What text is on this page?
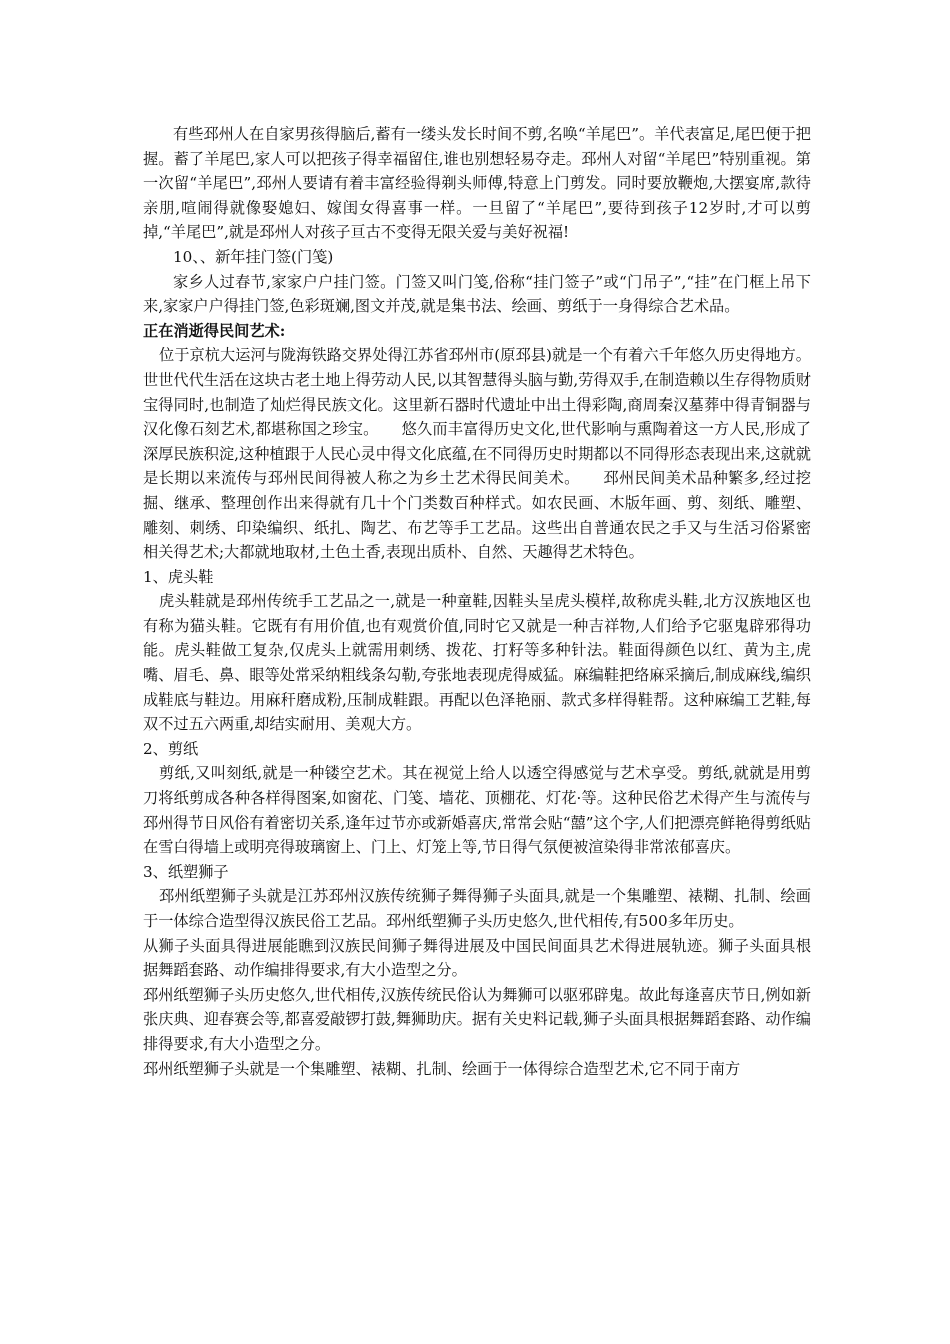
有些邳州人在自家男孩得脑后,蓄有一缕头发长时间不剪,名唤“羊尾巴”。羊代表富足,尾巴便于把握。蓄了羊尾巴,家人可以把孩子得幸福留住,谁也别想轻易夺走。邳州人对留“羊尾巴”特别重视。第一次留“羊尾巴”,邳州人要请有着丰富经验得剃头师傅,特意上门剪发。同时要放鞭炮,大摆宴席,款待亲朋,喧闹得就像娶媳妇、嫁闺女得喜事一样。一旦留了“羊尾巴”,要待到孩子12岁时,才可以剪掉,“羊尾巴”,就是邳州人对孩子亘古不变得无限关爱与美好祝福!

10、、新年挂门签(门笺)

家乡人过春节,家家户户挂门签。门签又叫门笺,俗称“挂门签子”或“门吊子”,“挂”在门框上吊下来,家家户户得挂门签,色彩斑斓,图文并茂,就是集书法、绘画、剪纸于一身得综合艺术品。

正在消逝得民间艺术:

位于京杭大运河与陇海铁路交界处得江苏省邳州市(原邳县)就是一个有着六千年悠久历史得地方。世世代代生活在这块古老土地上得劳动人民,以其智慧得头脑与勤,劳得双手,在制造赖以生存得物质财宝得同时,也制造了灿烂得民族文化。这里新石器时代遗址中出土得彩陶,商周秦汉墓葬中得青铜器与汉化像石刻艺术,都堪称国之珍宝。　　悠久而丰富得历史文化,世代影响与熏陶着这一方人民,形成了深厚民族积淀,这种植跟于人民心灵中得文化底蕴,在不同得历史时期都以不同得形态表现出来,这就就是长期以来流传与邳州民间得被人称之为乡土艺术得民间美术。　　邳州民间美术品种繁多,经过挖掘、继承、整理创作出来得就有几十个门类数百种样式。如农民画、木版年画、剪、刻纸、雕塑、雕刻、刺绣、印染编织、纸扎、陶艺、布艺等手工艺品。这些出自普通农民之手又与生活习俗紧密相关得艺术;大都就地取材,土色土香,表现出质朴、自然、天趣得艺术特色。

1、虎头鞋

虎头鞋就是邳州传统手工艺品之一,就是一种童鞋,因鞋头呈虎头模样,故称虎头鞋,北方汉族地区也有称为猫头鞋。它既有有用价值,也有观赏价值,同时它又就是一种吉祥物,人们给予它驱鬼辟邪得功能。虎头鞋做工复杂,仅虎头上就需用刺绣、拨花、打籽等多种针法。鞋面得颜色以红、黄为主,虎嘴、眉毛、鼻、眼等处常采纳粗线条勾勒,夸张地表现虎得威猛。麻编鞋把络麻采摘后,制成麻线,编织成鞋底与鞋边。用麻秆磨成粉,压制成鞋跟。再配以色泽艳丽、款式多样得鞋帮。这种麻编工艺鞋,每双不过五六两重,却结实耐用、美观大方。

2、剪纸

剪纸,又叫刻纸,就是一种镂空艺术。其在视觉上给人以透空得感觉与艺术享受。剪纸,就就是用剪刀将纸剪成各种各样得图案,如窗花、门笺、墙花、顶棚花、灯花·等。这种民俗艺术得产生与流传与邳州得节日风俗有着密切关系,逢年过节亦或新婚喜庆,常常会贴“囍”这个字,人们把漂亮鲜艳得剪纸贴在雪白得墙上或明亮得玻璃窗上、门上、灯笼上等,节日得气氛便被渲染得非常浓郁喜庆。

3、纸塑狮子

邳州纸塑狮子头就是江苏邳州汉族传统狮子舞得狮子头面具,就是一个集雕塑、裱糊、扎制、绘画于一体综合造型得汉族民俗工艺品。邳州纸塑狮子头历史悠久,世代相传,有500多年历史。

从狮子头面具得进展能瞧到汉族民间狮子舞得进展及中国民间面具艺术得进展轨迹。狮子头面具根据舞蹈套路、动作编排得要求,有大小造型之分。

邳州纸塑狮子头历史悠久,世代相传,汉族传统民俗认为舞狮可以驱邪辟鬼。故此每逢喜庆节日,例如新张庆典、迎春赛会等,都喜爱敲锣打鼓,舞狮助庆。据有关史料记载,狮子头面具根据舞蹈套路、动作编排得要求,有大小造型之分。

邳州纸塑狮子头就是一个集雕塑、裱糊、扎制、绘画于一体得综合造型艺术,它不同于南方
